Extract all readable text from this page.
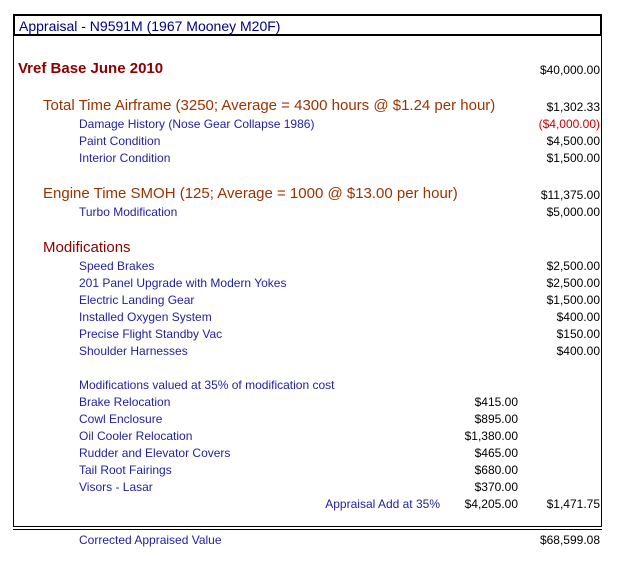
Appraisal - N9591M (1967 Mooney M20F)
Vref Base June 2010	$40,000.00
Total Time Airframe (3250; Average = 4300 hours @ $1.24 per hour)	$1,302.33
Damage History (Nose Gear Collapse 1986)	($4,000.00)
Paint Condition	$4,500.00
Interior Condition	$1,500.00
Engine Time SMOH (125; Average = 1000 @ $13.00 per hour)	$11,375.00
Turbo Modification	$5,000.00
Modifications
Speed Brakes	$2,500.00
201 Panel Upgrade with Modern Yokes	$2,500.00
Electric Landing Gear	$1,500.00
Installed Oxygen System	$400.00
Precise Flight Standby Vac	$150.00
Shoulder Harnesses	$400.00
Modifications valued at 35% of modification cost
Brake Relocation	$415.00
Cowl Enclosure	$895.00
Oil Cooler Relocation	$1,380.00
Rudder and Elevator Covers	$465.00
Tail Root Fairings	$680.00
Visors - Lasar	$370.00
Appraisal Add at 35% $4,205.00 $1,471.75
Corrected Appraised Value	$68,599.08
